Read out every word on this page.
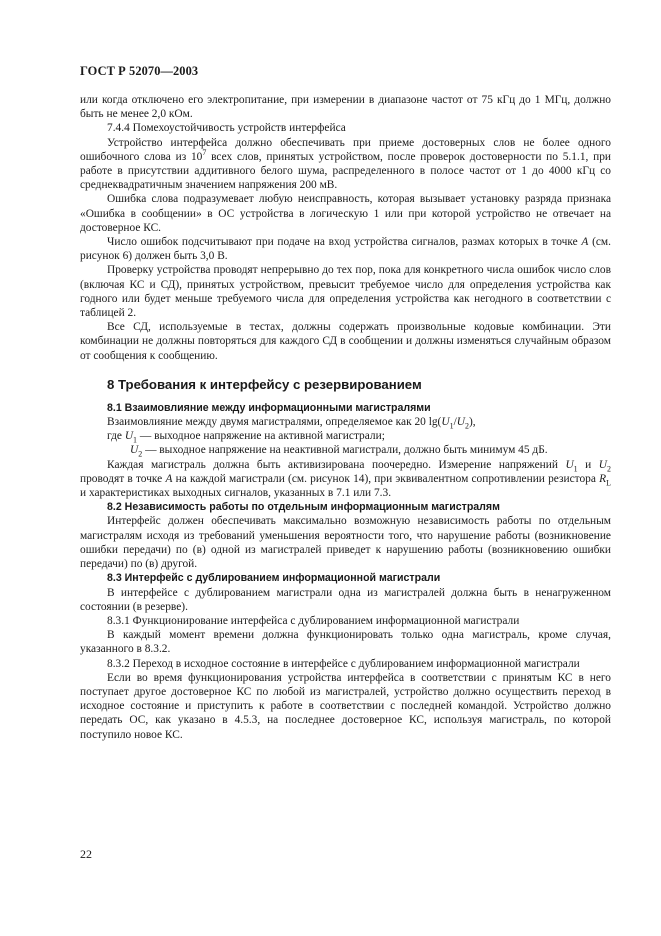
ГОСТ Р 52070—2003

или когда отключено его электропитание, при измерении в диапазоне частот от 75 кГц до 1 МГц, должно быть не менее 2,0 кОм.

7.4.4 Помехоустойчивость устройств интерфейса

Устройство интерфейса должно обеспечивать при приеме достоверных слов не более одного ошибочного слова из $10^7$ всех слов, принятых устройством, после проверок достоверности по 5.1.1, при работе в присутствии аддитивного белого шума, распределенного в полосе частот от 1 до 4000 кГц со среднеквадратичным значением напряжения 200 мВ.

Ошибка слова подразумевает любую неисправность, которая вызывает установку разряда признака «Ошибка в сообщении» в ОС устройства в логическую 1 или при которой устройство не отвечает на достоверное КС.

Число ошибок подсчитывают при подаче на вход устройства сигналов, размах которых в точке А (см. рисунок 6) должен быть 3,0 В.

Проверку устройства проводят непрерывно до тех пор, пока для конкретного числа ошибок число слов (включая КС и СД), принятых устройством, превысит требуемое число для определения устройства как годного или будет меньше требуемого числа для определения устройства как негодного в соответствии с таблицей 2.

Все СД, используемые в тестах, должны содержать произвольные кодовые комбинации. Эти комбинации не должны повторяться для каждого СД в сообщении и должны изменяться случайным образом от сообщения к сообщению.

8 Требования к интерфейсу с резервированием
8.1 Взаимовлияние между информационными магистралями

Взаимовлияние между двумя магистралями, определяемое как 20 $\lg(U_1/U_2)$,

где $U_1$ — выходное напряжение на активной магистрали;

$U_2$ — выходное напряжение на неактивной магистрали, должно быть минимум 45 дБ.

Каждая магистраль должна быть активизирована поочередно. Измерение напряжений $U_1$ и $U_2$ проводят в точке А на каждой магистрали (см. рисунок 14), при эквивалентном сопротивлении резистора $R_L$ и характеристиках выходных сигналов, указанных в 7.1 или 7.3.

8.2 Независимость работы по отдельным информационным магистралям

Интерфейс должен обеспечивать максимально возможную независимость работы по отдельным магистралям исходя из требований уменьшения вероятности того, что нарушение работы (возникновение ошибки передачи) по (в) одной из магистралей приведет к нарушению работы (возникновению ошибки передачи) по (в) другой.

8.3 Интерфейс с дублированием информационной магистрали

В интерфейсе с дублированием магистрали одна из магистралей должна быть в ненагруженном состоянии (в резерве).

8.3.1 Функционирование интерфейса с дублированием информационной магистрали

В каждый момент времени должна функционировать только одна магистраль, кроме случая, указанного в 8.3.2.

8.3.2 Переход в исходное состояние в интерфейсе с дублированием информационной магистрали

Если во время функционирования устройства интерфейса в соответствии с принятым КС в него поступает другое достоверное КС по любой из магистралей, устройство должно осуществить переход в исходное состояние и приступить к работе в соответствии с последней командой. Устройство должно передать ОС, как указано в 4.5.3, на последнее достоверное КС, используя магистраль, по которой поступило новое КС.

22
